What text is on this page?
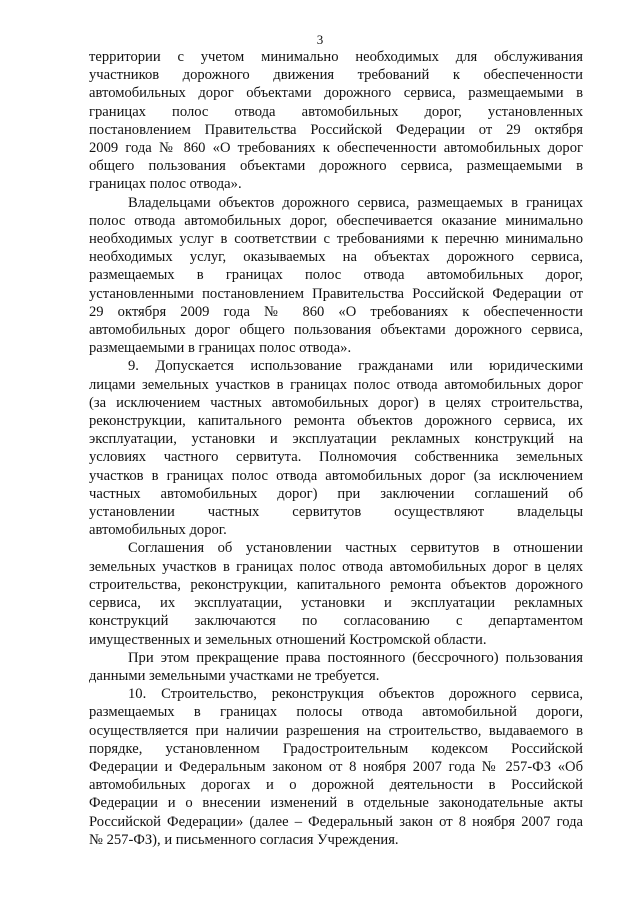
3
территории с учетом минимально необходимых для обслуживания
участников дорожного движения требований к обеспеченности
автомобильных дорог объектами дорожного сервиса, размещаемыми в
границах полос отвода автомобильных дорог, установленных
постановлением Правительства Российской Федерации от 29 октября
2009 года № 860 «О требованиях к обеспеченности автомобильных дорог
общего пользования объектами дорожного сервиса, размещаемыми в
границах полос отвода».
Владельцами объектов дорожного сервиса, размещаемых в границах
полос отвода автомобильных дорог, обеспечивается оказание минимально
необходимых услуг в соответствии с требованиями к перечню минимально
необходимых услуг, оказываемых на объектах дорожного сервиса,
размещаемых в границах полос отвода автомобильных дорог,
установленными постановлением Правительства Российской Федерации от
29 октября 2009 года № 860 «О требованиях к обеспеченности
автомобильных дорог общего пользования объектами дорожного сервиса,
размещаемыми в границах полос отвода».
9. Допускается использование гражданами или юридическими
лицами земельных участков в границах полос отвода автомобильных дорог
(за исключением частных автомобильных дорог) в целях строительства,
реконструкции, капитального ремонта объектов дорожного сервиса, их
эксплуатации, установки и эксплуатации рекламных конструкций на
условиях частного сервитута. Полномочия собственника земельных
участков в границах полос отвода автомобильных дорог (за исключением
частных автомобильных дорог) при заключении соглашений об
установлении частных сервитутов осуществляют владельцы
автомобильных дорог.
Соглашения об установлении частных сервитутов в отношении
земельных участков в границах полос отвода автомобильных дорог в целях
строительства, реконструкции, капитального ремонта объектов дорожного
сервиса, их эксплуатации, установки и эксплуатации рекламных
конструкций заключаются по согласованию с департаментом
имущественных и земельных отношений Костромской области.
При этом прекращение права постоянного (бессрочного) пользования
данными земельными участками не требуется.
10. Строительство, реконструкция объектов дорожного сервиса,
размещаемых в границах полосы отвода автомобильной дороги,
осуществляется при наличии разрешения на строительство, выдаваемого в
порядке, установленном Градостроительным кодексом Российской
Федерации и Федеральным законом от 8 ноября 2007 года № 257-ФЗ «Об
автомобильных дорогах и о дорожной деятельности в Российской
Федерации и о внесении изменений в отдельные законодательные акты
Российской Федерации» (далее – Федеральный закон от 8 ноября 2007 года
№ 257-ФЗ), и письменного согласия Учреждения.
